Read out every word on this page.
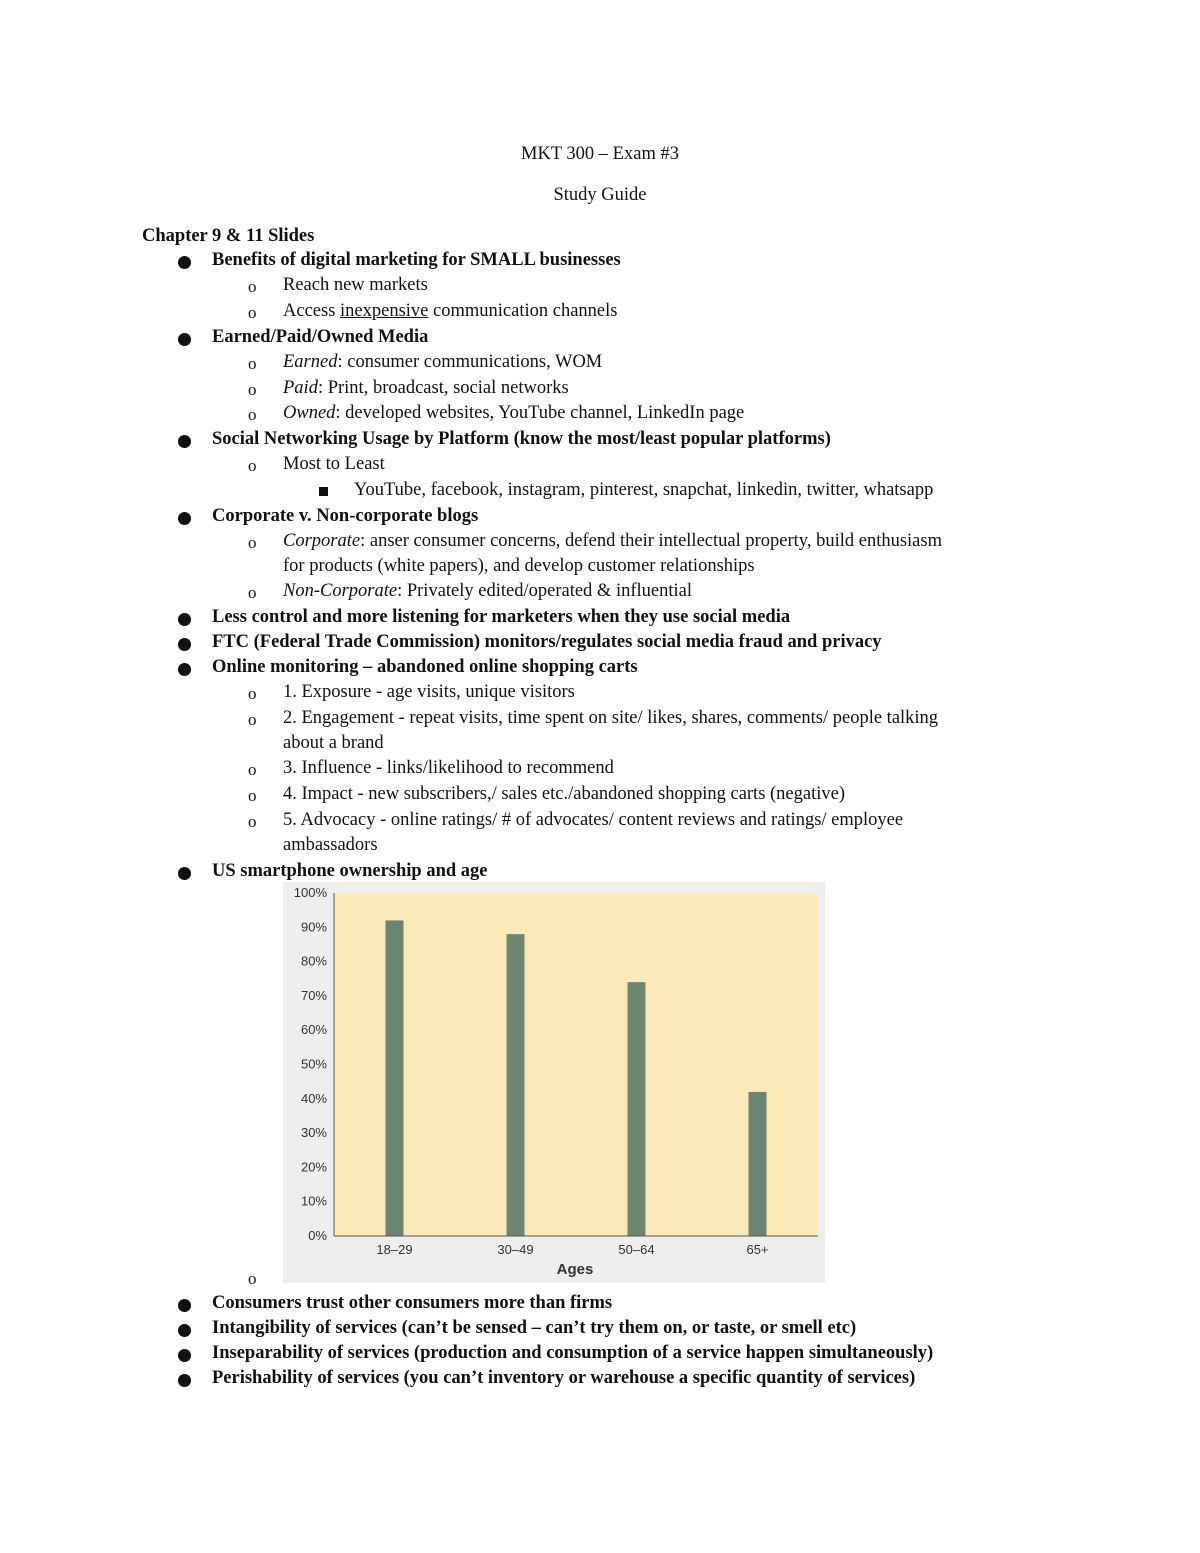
MKT 300 – Exam #3
Study Guide
Chapter 9 & 11 Slides
Benefits of digital marketing for SMALL businesses
o Reach new markets
o Access inexpensive communication channels
Earned/Paid/Owned Media
o Earned: consumer communications, WOM
o Paid: Print, broadcast, social networks
o Owned: developed websites, YouTube channel, LinkedIn page
Social Networking Usage by Platform (know the most/least popular platforms)
o Most to Least
YouTube, facebook, instagram, pinterest, snapchat, linkedin, twitter, whatsapp
Corporate v. Non-corporate blogs
o Corporate: anser consumer concerns, defend their intellectual property, build enthusiasm
for products (white papers), and develop customer relationships
o Non-Corporate: Privately edited/operated & influential
Less control and more listening for marketers when they use social media
FTC (Federal Trade Commission) monitors/regulates social media fraud and privacy
Online monitoring – abandoned online shopping carts
o 1. Exposure - age visits, unique visitors
o 2. Engagement - repeat visits, time spent on site/ likes, shares, comments/ people talking
about a brand
o 3. Influence - links/likelihood to recommend
o 4. Impact - new subscribers,/ sales etc./abandoned shopping carts (negative)
o 5. Advocacy - online ratings/ # of advocates/ content reviews and ratings/ employee
ambassadors
US smartphone ownership and age
o
0%
10%
20%
30%
40%
50%
60%
70%
80%
90%
100%
18–29	30–49	50–64	65+
Ages
Consumers trust other consumers more than firms
Intangibility of services (can’t be sensed – can’t try them on, or taste, or smell etc)
Inseparability of services (production and consumption of a service happen simultaneously)
Perishability of services (you can’t inventory or warehouse a specific quantity of services)
